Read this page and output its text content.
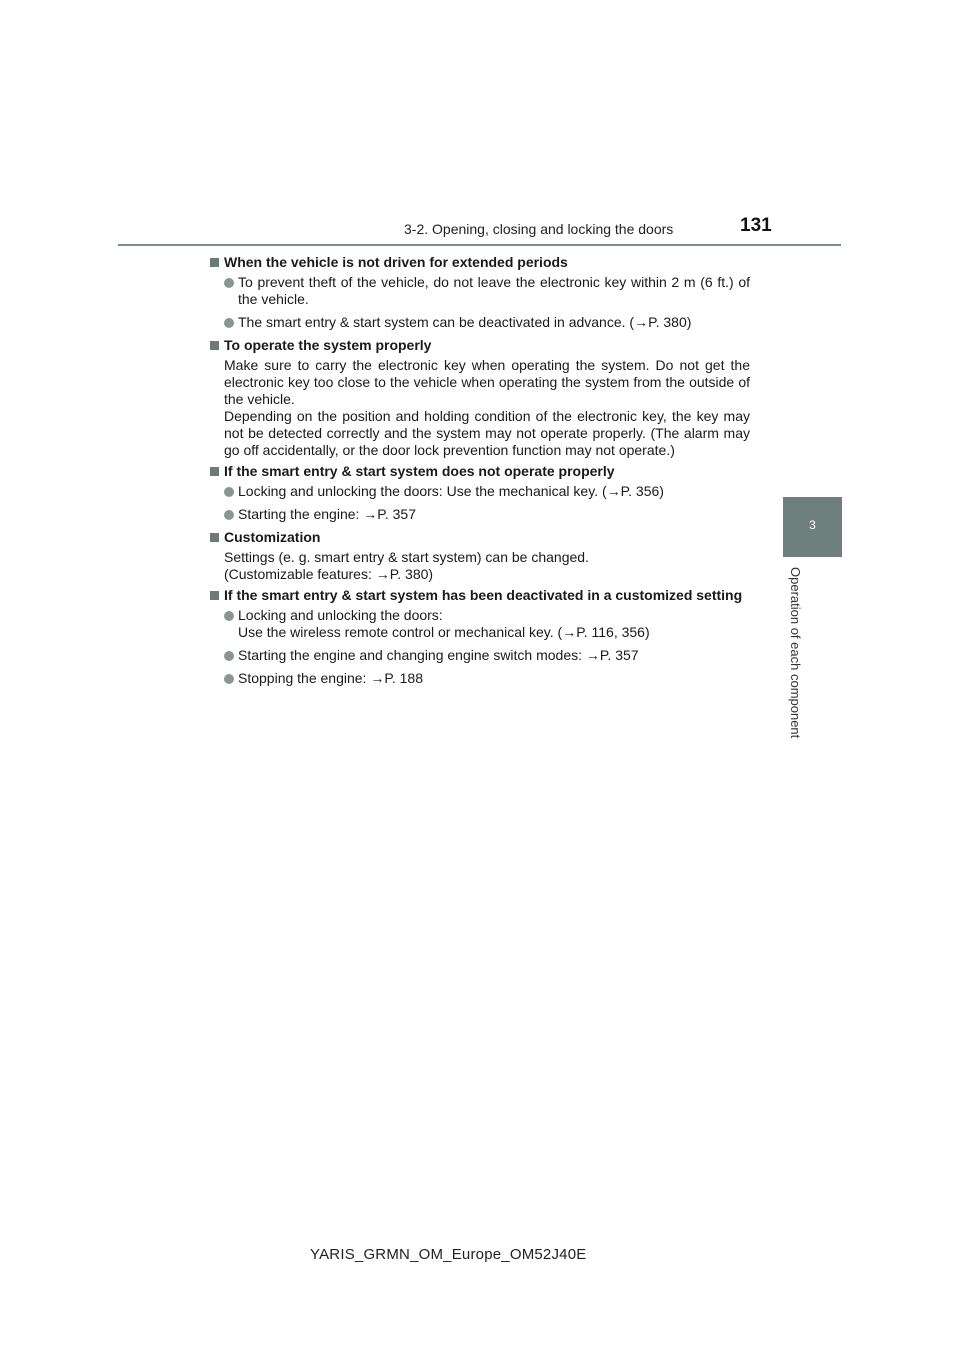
3-2. Opening, closing and locking the doors	131
3
Operation of each component
When the vehicle is not driven for extended periods
To prevent theft of the vehicle, do not leave the electronic key within 2 m (6 ft.) of the vehicle.
The smart entry & start system can be deactivated in advance. (→P. 380)
To operate the system properly
Make sure to carry the electronic key when operating the system. Do not get the electronic key too close to the vehicle when operating the system from the outside of the vehicle.
Depending on the position and holding condition of the electronic key, the key may not be detected correctly and the system may not operate properly. (The alarm may go off accidentally, or the door lock prevention function may not operate.)
If the smart entry & start system does not operate properly
Locking and unlocking the doors: Use the mechanical key. (→P. 356)
Starting the engine: →P. 357
Customization
Settings (e. g. smart entry & start system) can be changed.
(Customizable features: →P. 380)
If the smart entry & start system has been deactivated in a customized setting
Locking and unlocking the doors:
Use the wireless remote control or mechanical key. (→P. 116, 356)
Starting the engine and changing engine switch modes: →P. 357
Stopping the engine: →P. 188
YARIS_GRMN_OM_Europe_OM52J40E
